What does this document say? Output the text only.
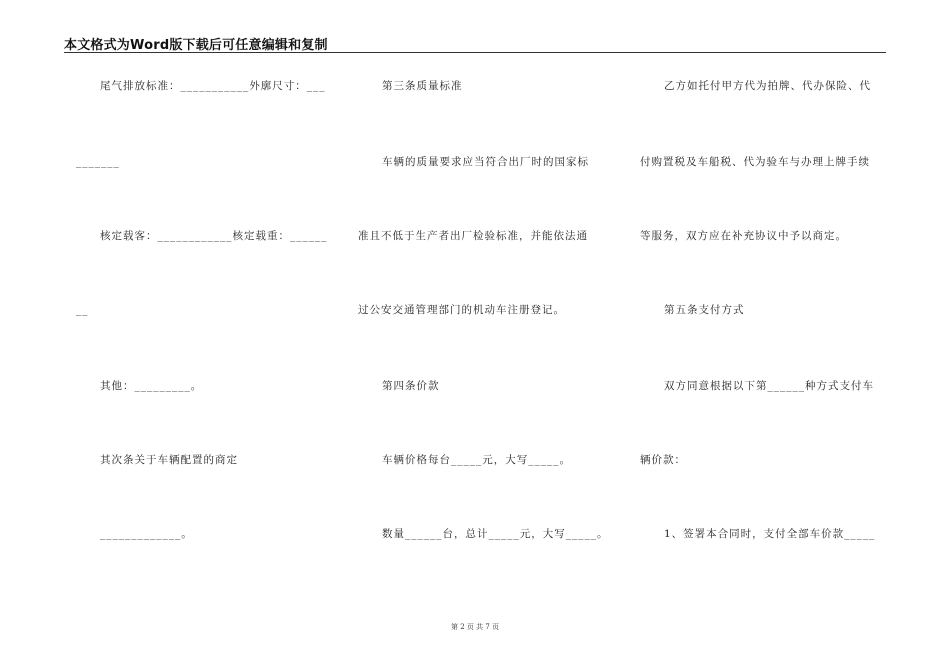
本文格式为Word版下载后可任意编辑和复制
尾气排放标准：___________外廓尺寸：___
_______
核定载客：____________核定载重：______
__
其他：_________。
其次条关于车辆配置的商定
_____________。
第三条质量标准
车辆的质量要求应当符合出厂时的国家标
准且不低于生产者出厂检验标准，并能依法通
过公安交通管理部门的机动车注册登记。
第四条价款
车辆价格每台_____元，大写_____。
数量______台，总计_____元，大写_____。
乙方如托付甲方代为拍牌、代办保险、代
付购置税及车船税、代为验车与办理上牌手续
等服务，双方应在补充协议中予以商定。
第五条支付方式
双方同意根据以下第______种方式支付车
辆价款：
1、签署本合同时，支付全部车价款_____
第 2 页 共 7 页
